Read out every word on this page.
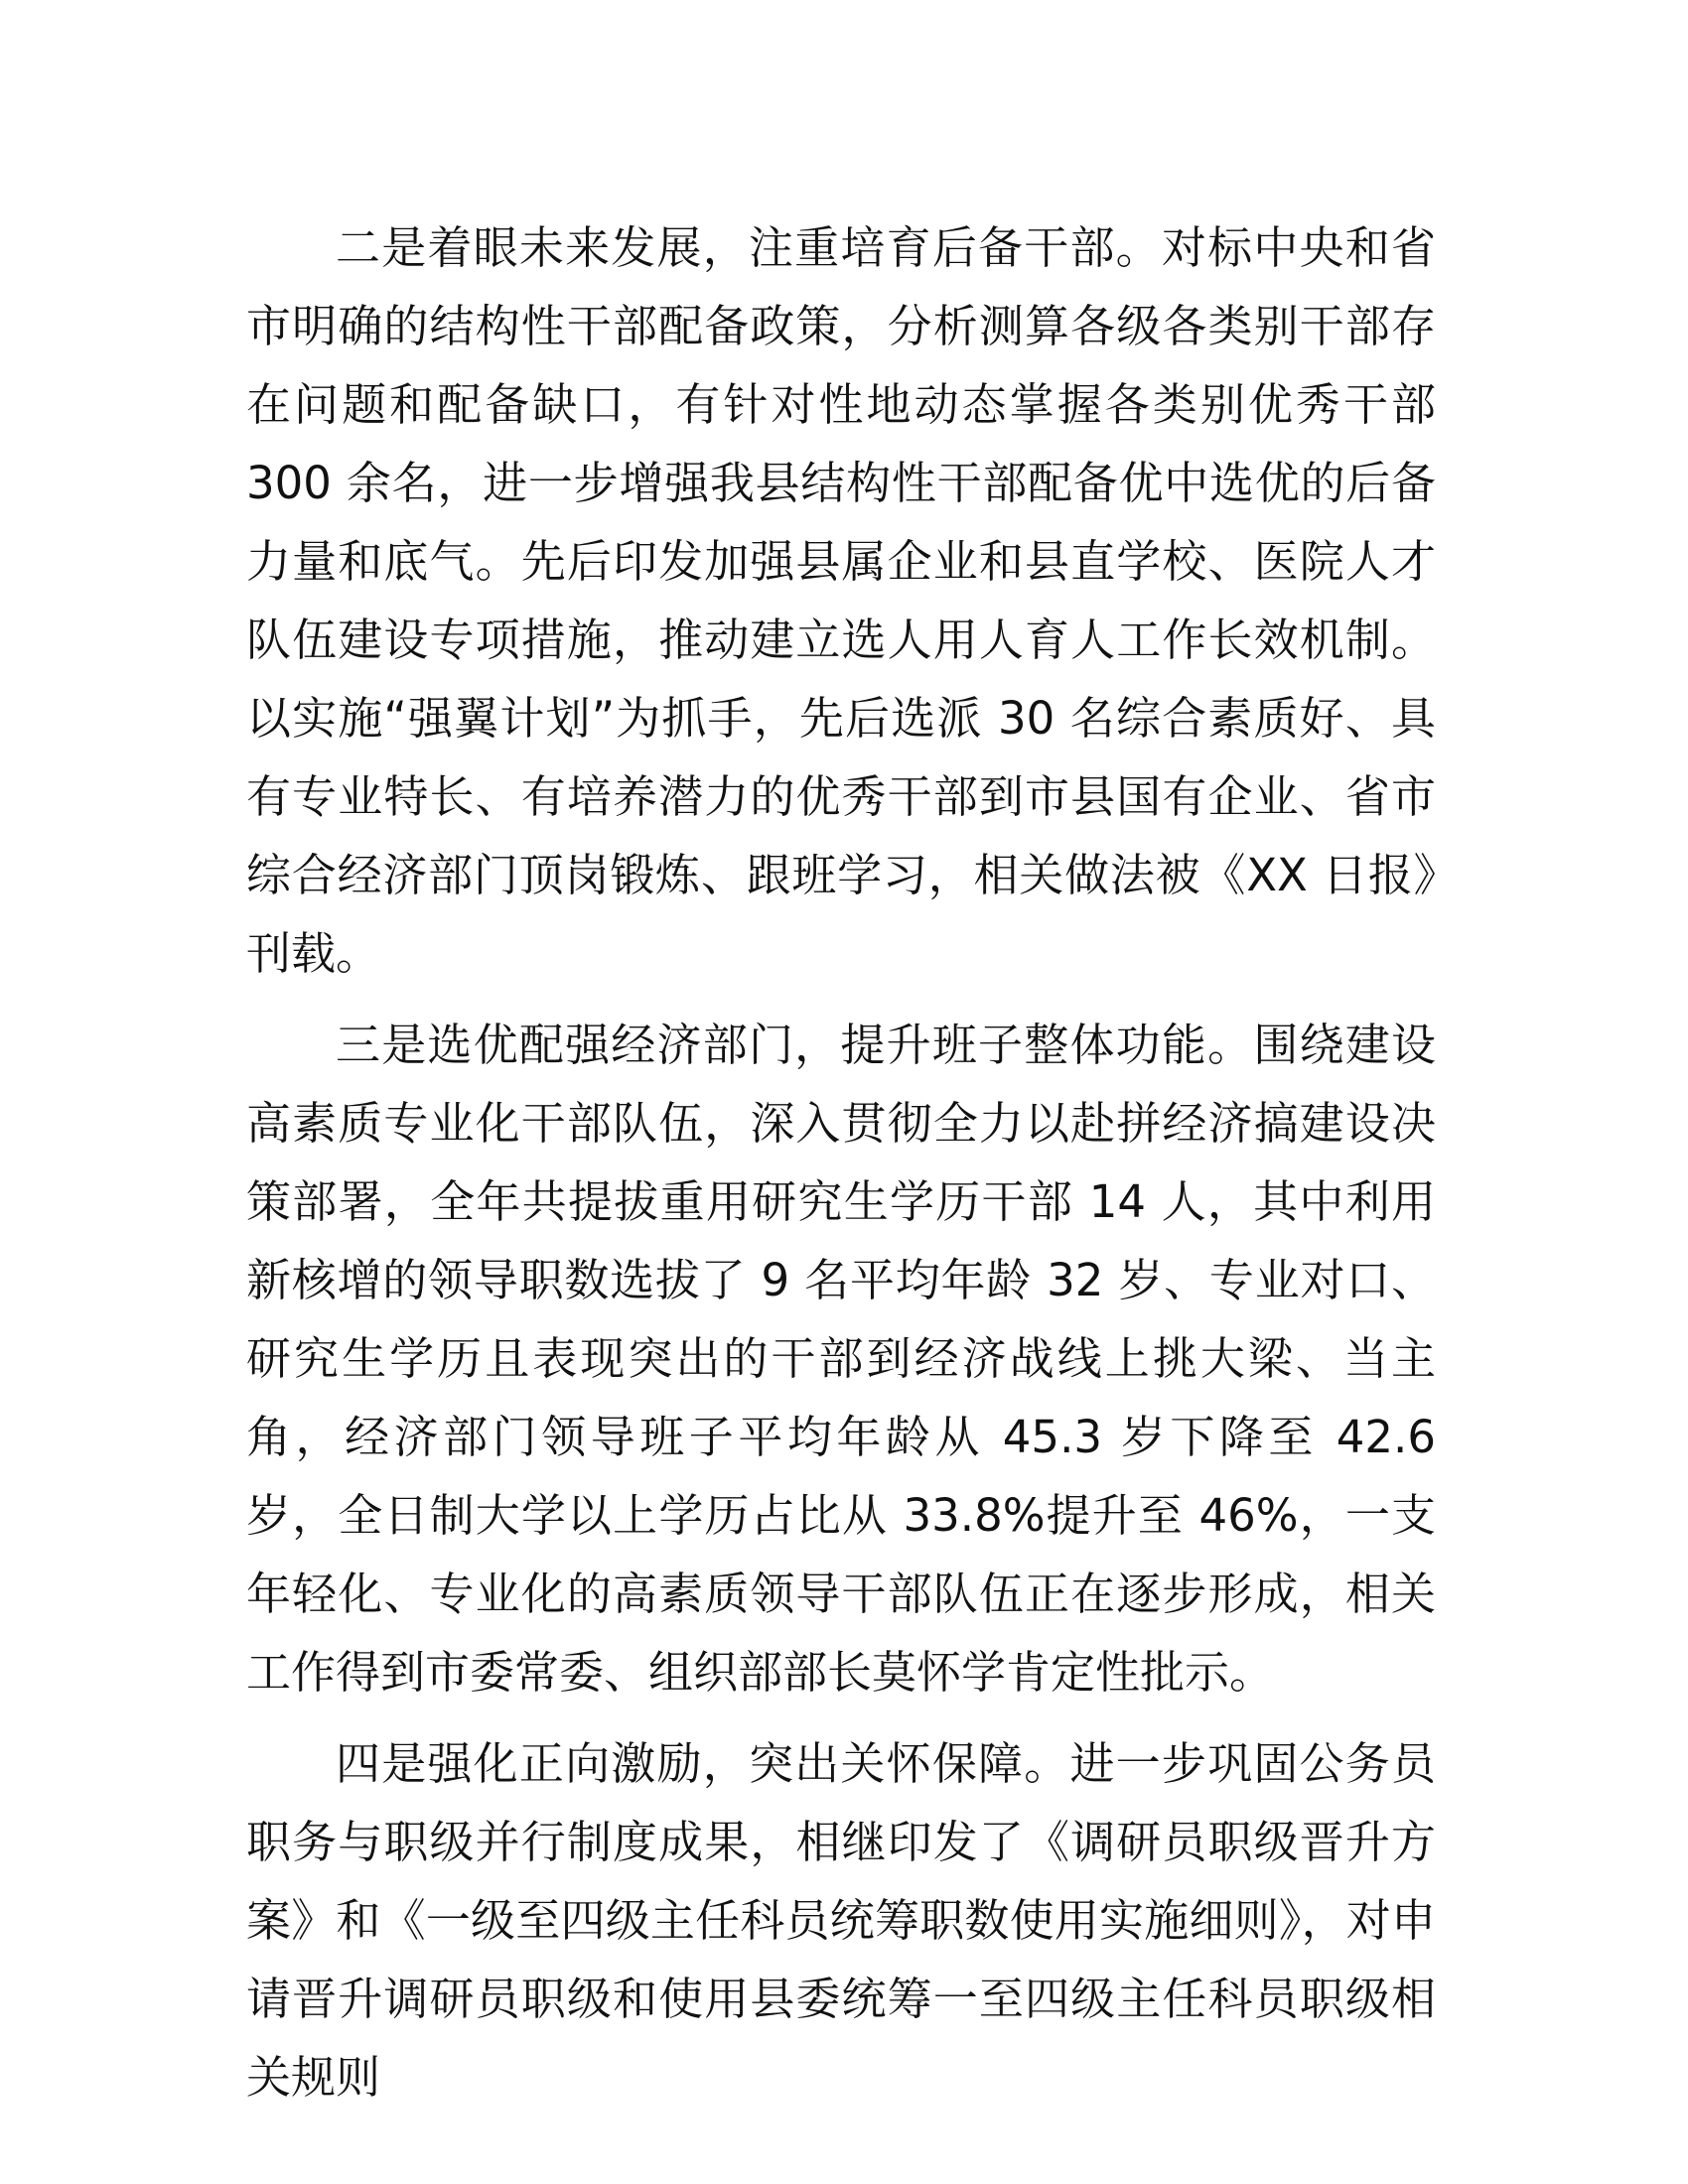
二是着眼未来发展，注重培育后备干部。对标中央和省市明确的结构性干部配备政策，分析测算各级各类别干部存在问题和配备缺口，有针对性地动态掌握各类别优秀干部 300 余名，进一步增强我县结构性干部配备优中选优的后备力量和底气。先后印发加强县属企业和县直学校、医院人才队伍建设专项措施，推动建立选人用人育人工作长效机制。以实施“强翼计划”为抓手，先后选派 30 名综合素质好、具有专业特长、有培养潜力的优秀干部到市县国有企业、省市综合经济部门顶岗锻炼、跟班学习，相关做法被《XX 日报》刊载。

三是选优配强经济部门，提升班子整体功能。围绕建设高素质专业化干部队伍，深入贯彻全力以赴拼经济搞建设决策部署，全年共提拔重用研究生学历干部 14 人，其中利用新核增的领导职数选拔了 9 名平均年龄 32 岁、专业对口、研究生学历且表现突出的干部到经济战线上挑大梁、当主角，经济部门领导班子平均年龄从 45.3 岁下降至 42.6 岁，全日制大学以上学历占比从 33.8%提升至 46%，一支年轻化、专业化的高素质领导干部队伍正在逐步形成，相关工作得到市委常委、组织部部长莫怀学肯定性批示。

四是强化正向激励，突出关怀保障。进一步巩固公务员职务与职级并行制度成果，相继印发了《调研员职级晋升方案》和《一级至四级主任科员统筹职数使用实施细则》，对申请晋升调研员职级和使用县委统筹一至四级主任科员职级相关规则
